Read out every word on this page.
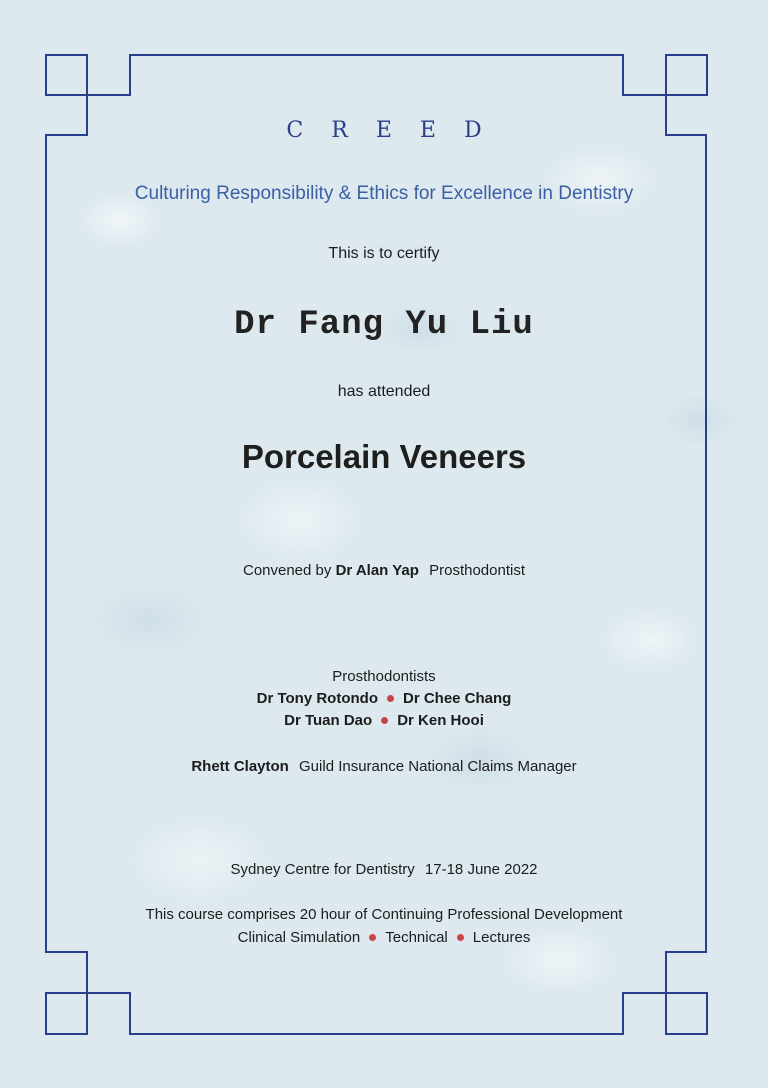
C R E E D
Culturing Responsibility & Ethics for Excellence in Dentistry
This is to certify
Dr Fang Yu Liu
has attended
Porcelain Veneers
Convened by Dr Alan Yap Prosthodontist
Prosthodontists
Dr Tony Rotondo Dr Chee Chang
Dr Tuan Dao Dr Ken Hooi
Rhett Clayton Guild Insurance National Claims Manager
Sydney Centre for Dentistry 17-18 June 2022
This course comprises 20 hour of Continuing Professional Development
Clinical Simulation Technical Lectures
